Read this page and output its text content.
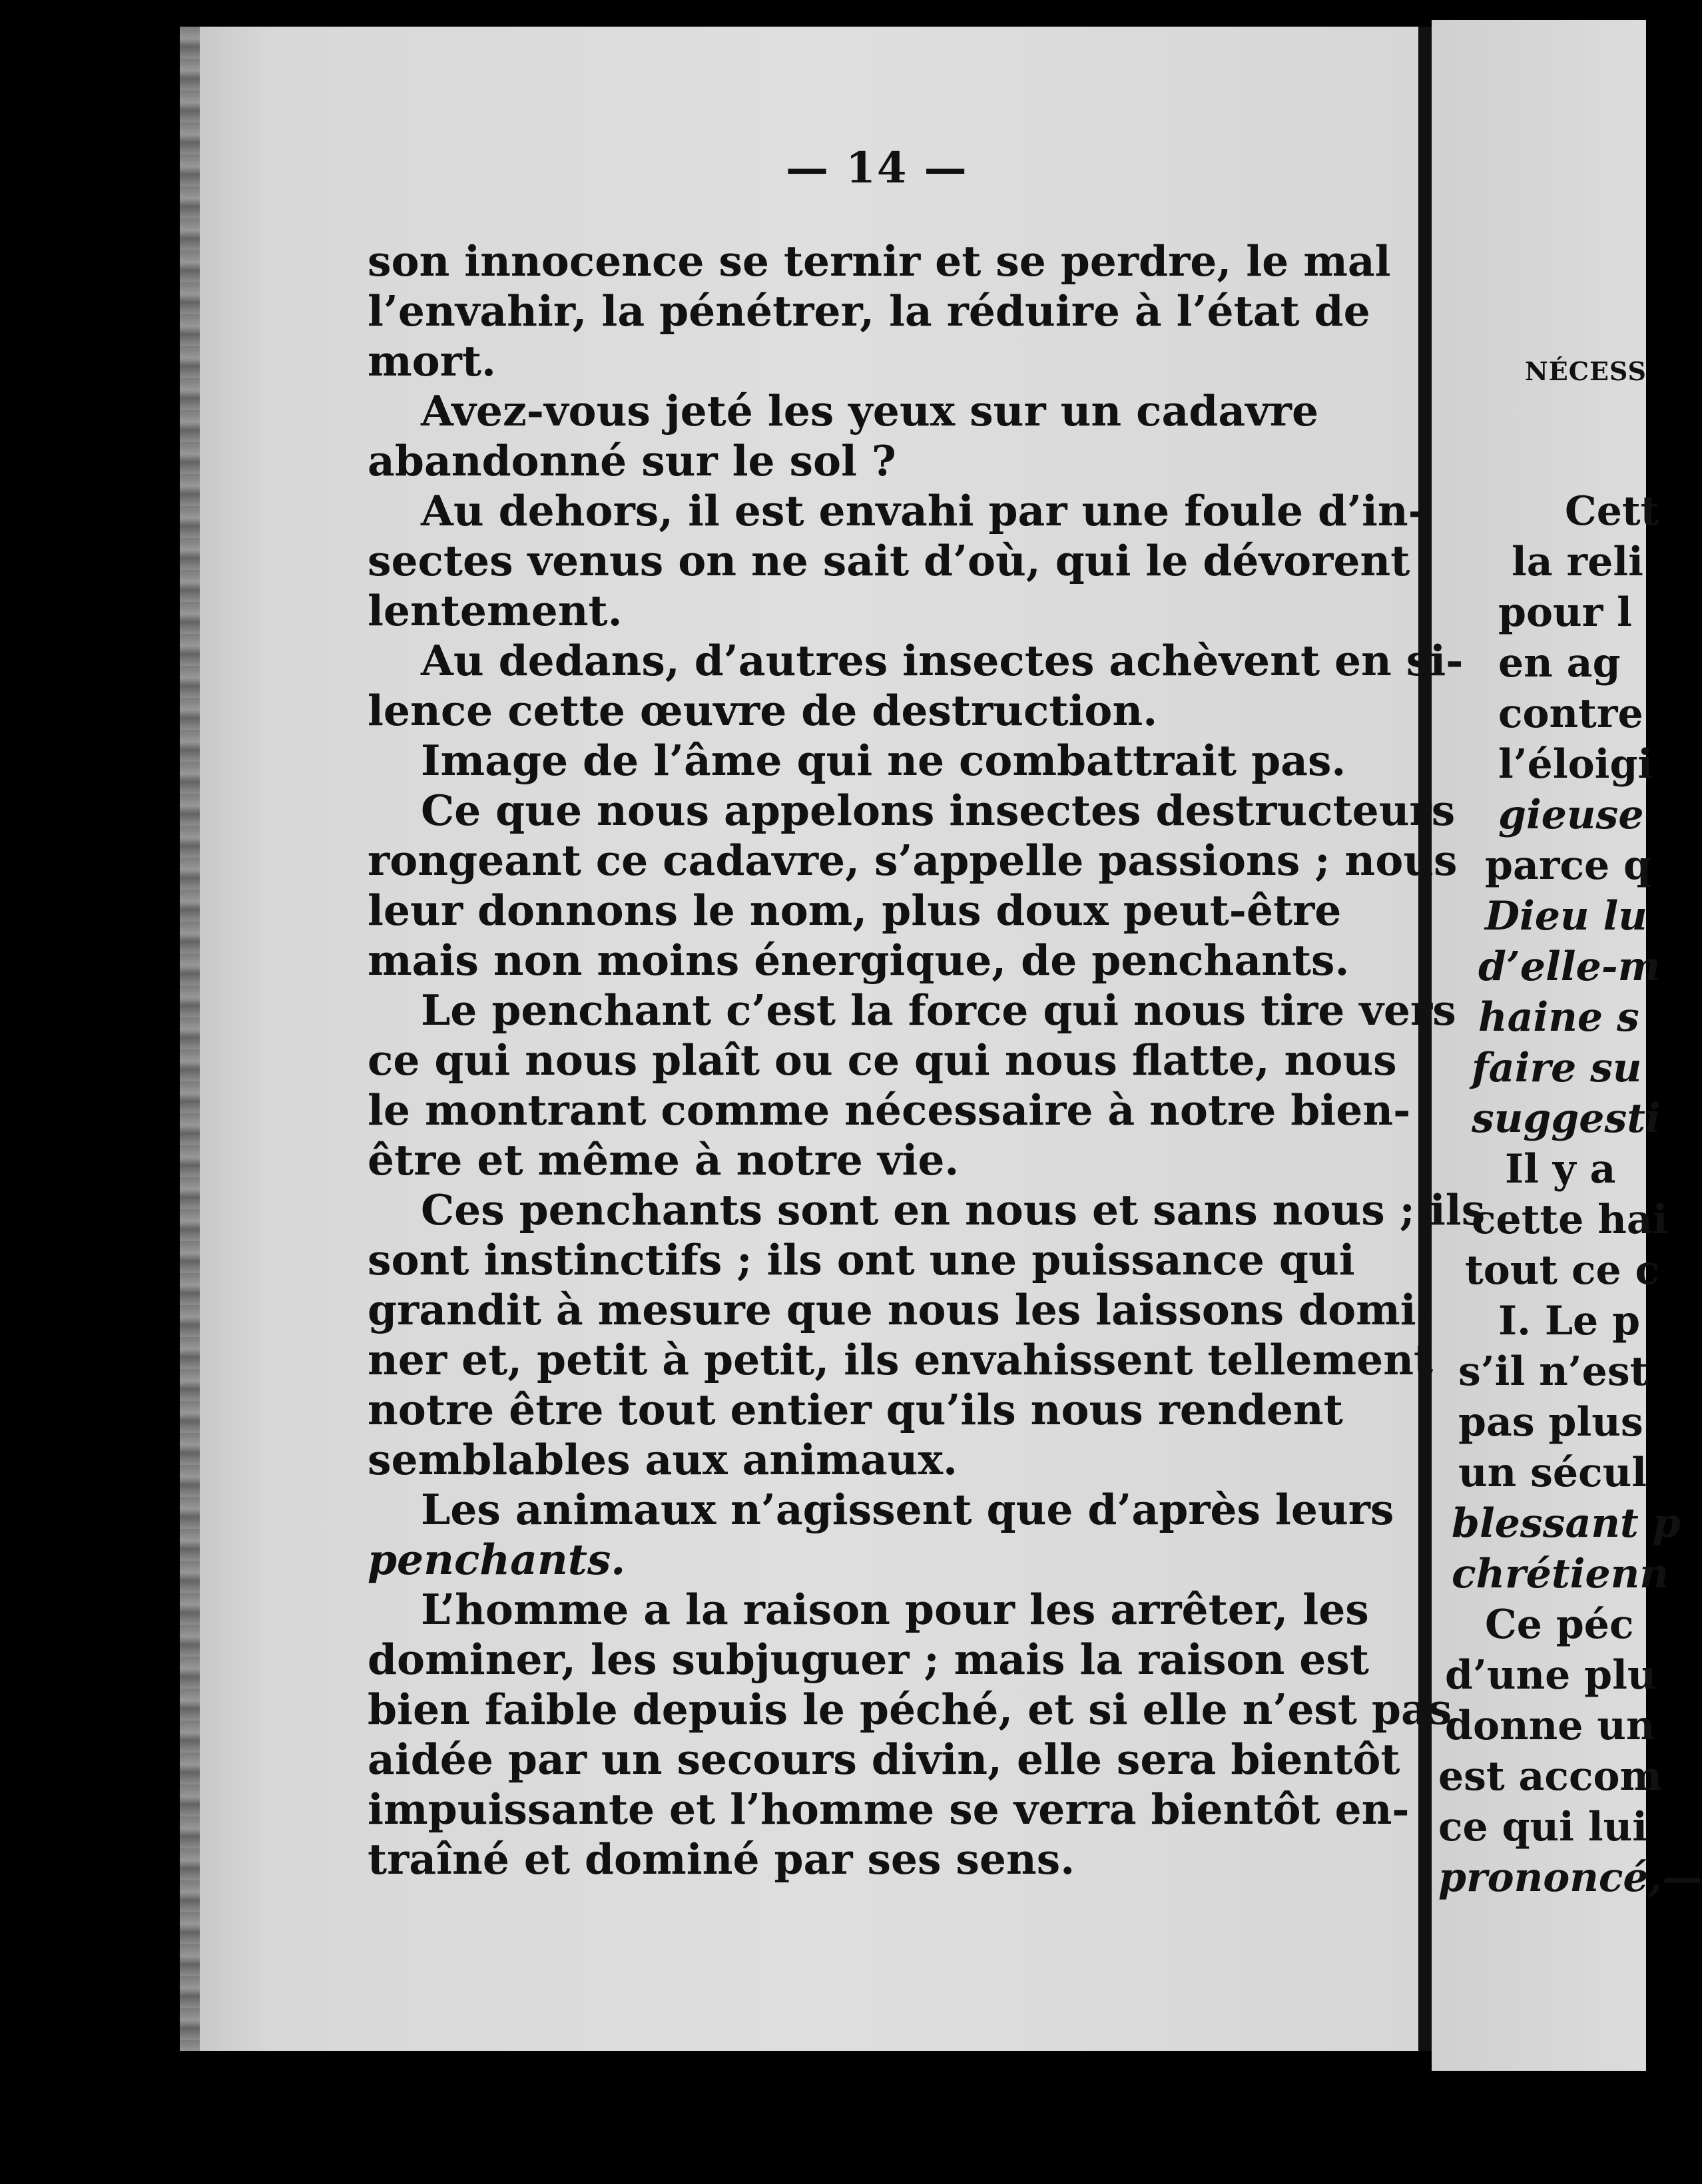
— 14 —
son innocence se ternir et se perdre, le mal
l’envahir, la pénétrer, la réduire à l’état de
mort.
Avez-vous jeté les yeux sur un cadavre
abandonné sur le sol ?
Au dehors, il est envahi par une foule d’in-
sectes venus on ne sait d’où, qui le dévorent
lentement.
Au dedans, d’autres insectes achèvent en si-
lence cette œuvre de destruction.
Image de l’âme qui ne combattrait pas.
Ce que nous appelons insectes destructeurs
rongeant ce cadavre, s’appelle passions ; nous
leur donnons le nom, plus doux peut-être
mais non moins énergique, de penchants.
Le penchant c’est la force qui nous tire vers
ce qui nous plaît ou ce qui nous flatte, nous
le montrant comme nécessaire à notre bien-
être et même à notre vie.
Ces penchants sont en nous et sans nous ; ils
sont instinctifs ; ils ont une puissance qui
grandit à mesure que nous les laissons domi-
ner et, petit à petit, ils envahissent tellement
notre être tout entier qu’ils nous rendent
semblables aux animaux.
Les animaux n’agissent que d’après leurs
penchants.
L’homme a la raison pour les arrêter, les
dominer, les subjuguer ; mais la raison est
bien faible depuis le péché, et si elle n’est pas
aidée par un secours divin, elle sera bientôt
impuissante et l’homme se verra bientôt en-
traîné et dominé par ses sens.
NÉCESS
Cett
la reli
pour l
en ag
contre
l’éloigi
gieuse
parce q
Dieu lu
d’elle-m
haine s
faire su
suggesti
Il y a
cette hai
tout ce c
I. Le p
s’il n’est
pas plus
un sécul
blessant p
chrétienn
Ce péc
d’une plu
donne un
est accom
ce qui lui
prononcé,—
